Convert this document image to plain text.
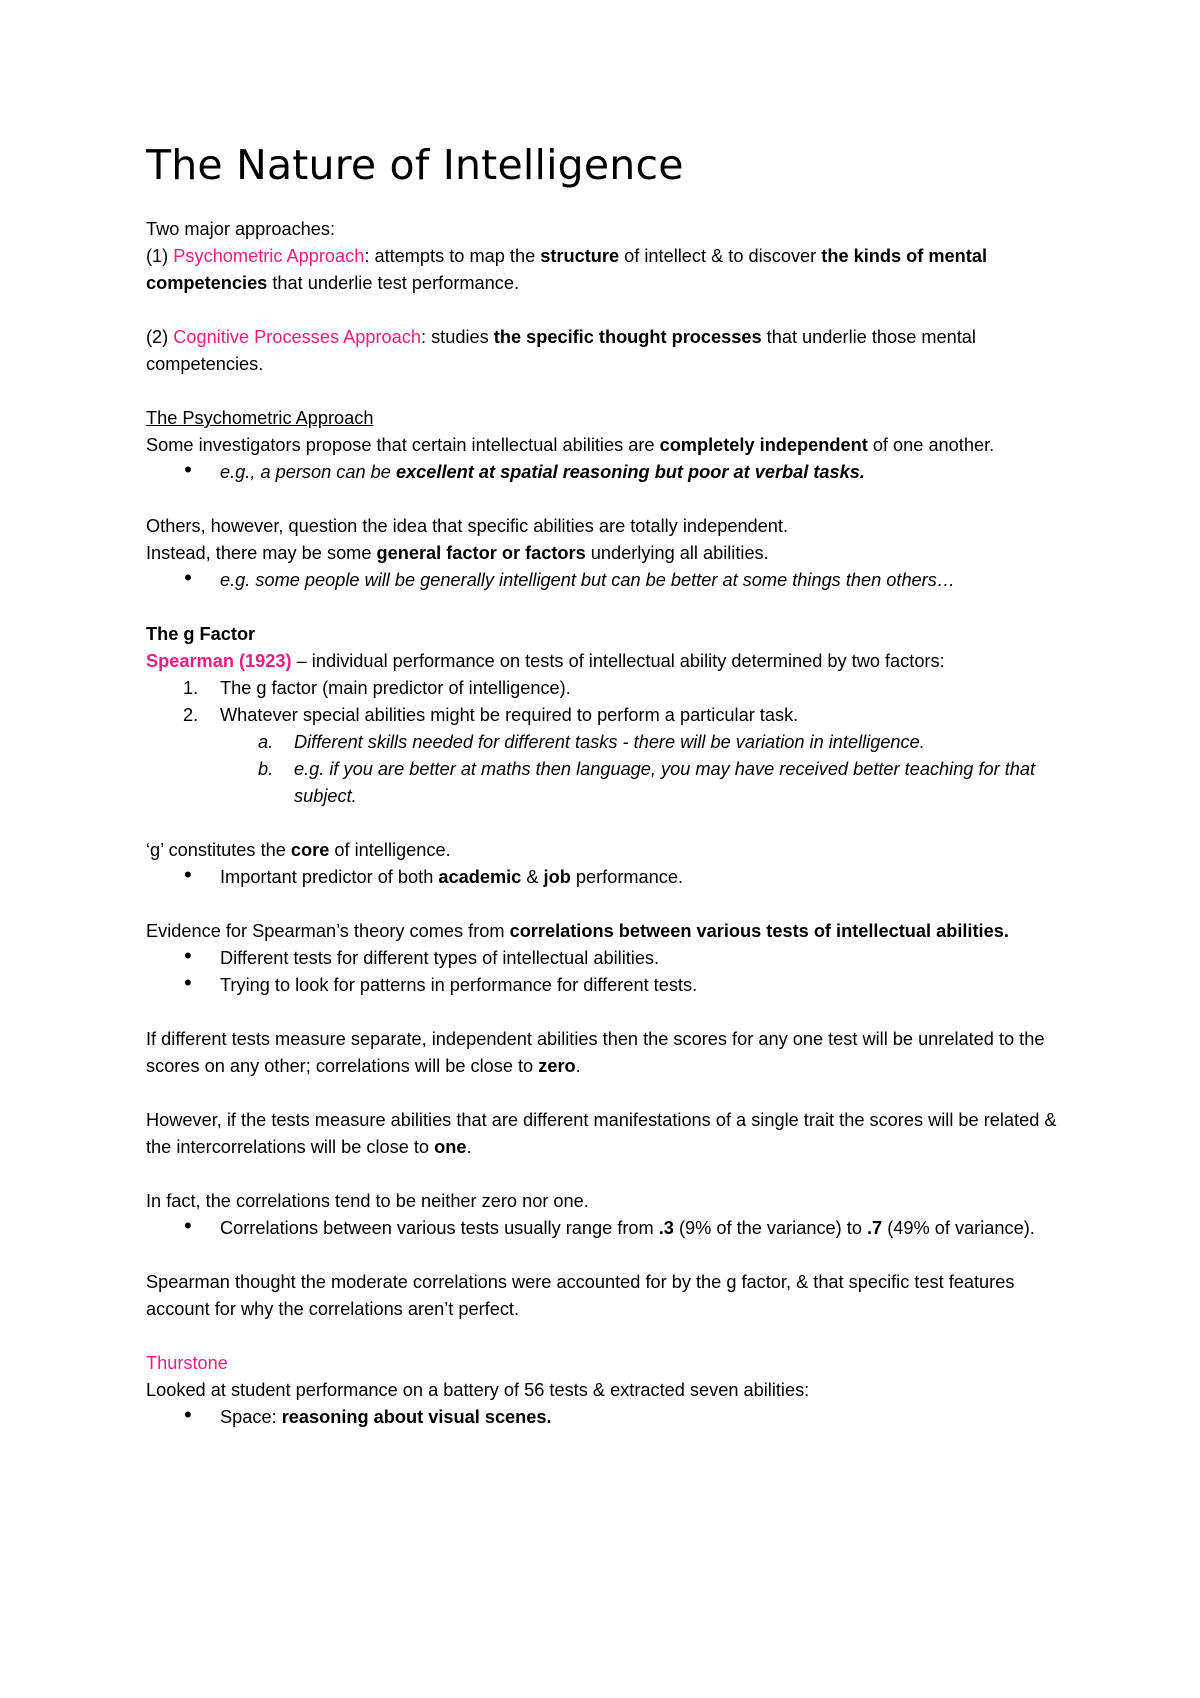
The Nature of Intelligence

Two major approaches:

(1) Psychometric Approach: attempts to map the structure of intellect & to discover the kinds of mental competencies that underlie test performance.

(2) Cognitive Processes Approach: studies the specific thought processes that underlie those mental competencies.

The Psychometric Approach

Some investigators propose that certain intellectual abilities are completely independent of one another.

• e.g., a person can be excellent at spatial reasoning but poor at verbal tasks.

Others, however, question the idea that specific abilities are totally independent.

Instead, there may be some general factor or factors underlying all abilities.

• e.g. some people will be generally intelligent but can be better at some things then others…

The g Factor

Spearman (1923) – individual performance on tests of intellectual ability determined by two factors:

1. The g factor (main predictor of intelligence).
2. Whatever special abilities might be required to perform a particular task.
a. Different skills needed for different tasks - there will be variation in intelligence.
b. e.g. if you are better at maths then language, you may have received better teaching for that subject.

‘g’ constitutes the core of intelligence.

• Important predictor of both academic & job performance.

Evidence for Spearman’s theory comes from correlations between various tests of intellectual abilities.

• Different tests for different types of intellectual abilities.
• Trying to look for patterns in performance for different tests.

If different tests measure separate, independent abilities then the scores for any one test will be unrelated to the scores on any other; correlations will be close to zero.

However, if the tests measure abilities that are different manifestations of a single trait the scores will be related & the intercorrelations will be close to one.

In fact, the correlations tend to be neither zero nor one.

• Correlations between various tests usually range from .3 (9% of the variance) to .7 (49% of variance).

Spearman thought the moderate correlations were accounted for by the g factor, & that specific test features account for why the correlations aren’t perfect.

Thurstone

Looked at student performance on a battery of 56 tests & extracted seven abilities:

• Space: reasoning about visual scenes.
